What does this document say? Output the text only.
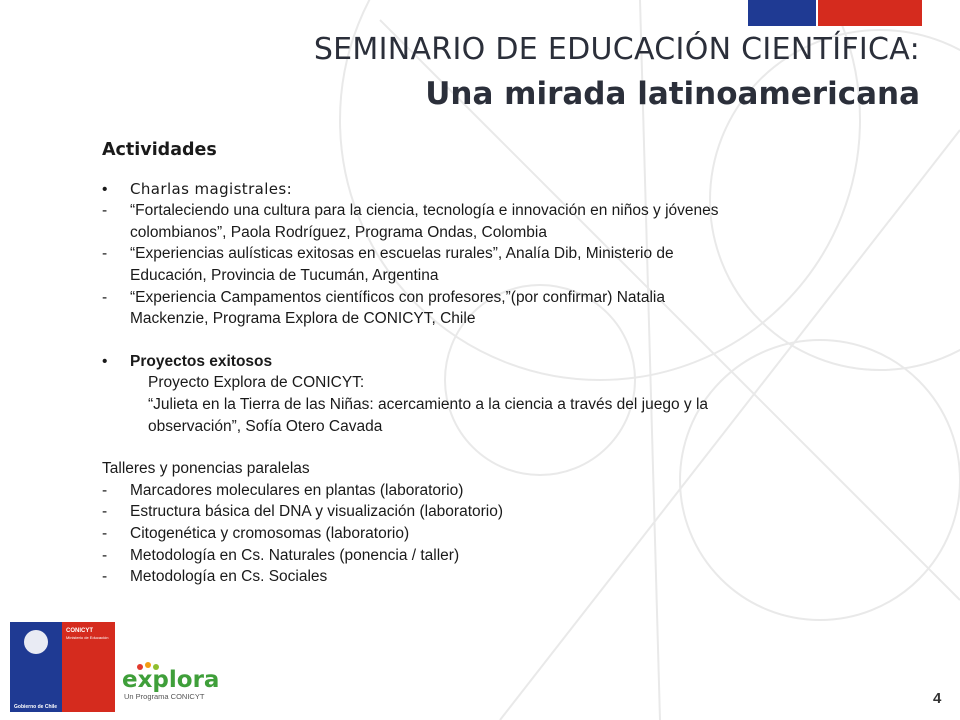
SEMINARIO DE EDUCACIÓN CIENTÍFICA:
Una mirada latinoamericana
Actividades
• Charlas magistrales:
- “Fortaleciendo una cultura para la ciencia, tecnología e innovación en niños y jóvenes
colombianos”, Paola Rodríguez, Programa Ondas, Colombia
- “Experiencias aulísticas exitosas en escuelas rurales”, Analía Dib, Ministerio de
Educación, Provincia de Tucumán, Argentina
- “Experiencia Campamentos científicos con profesores,”(por confirmar) Natalia
Mackenzie, Programa Explora de CONICYT, Chile
• Proyectos exitosos
Proyecto Explora de CONICYT:
“Julieta en la Tierra de las Niñas: acercamiento a la ciencia a través del juego y la
observación”, Sofía Otero Cavada
Talleres y ponencias paralelas
- Marcadores moleculares en plantas (laboratorio)
- Estructura básica del DNA y visualización (laboratorio)
- Citogenética y cromosomas (laboratorio)
- Metodología en Cs. Naturales (ponencia / taller)
- Metodología en Cs. Sociales
CONICYT
Ministerio de Educación
Gobierno de Chile
explora
Un Programa CONICYT	4
